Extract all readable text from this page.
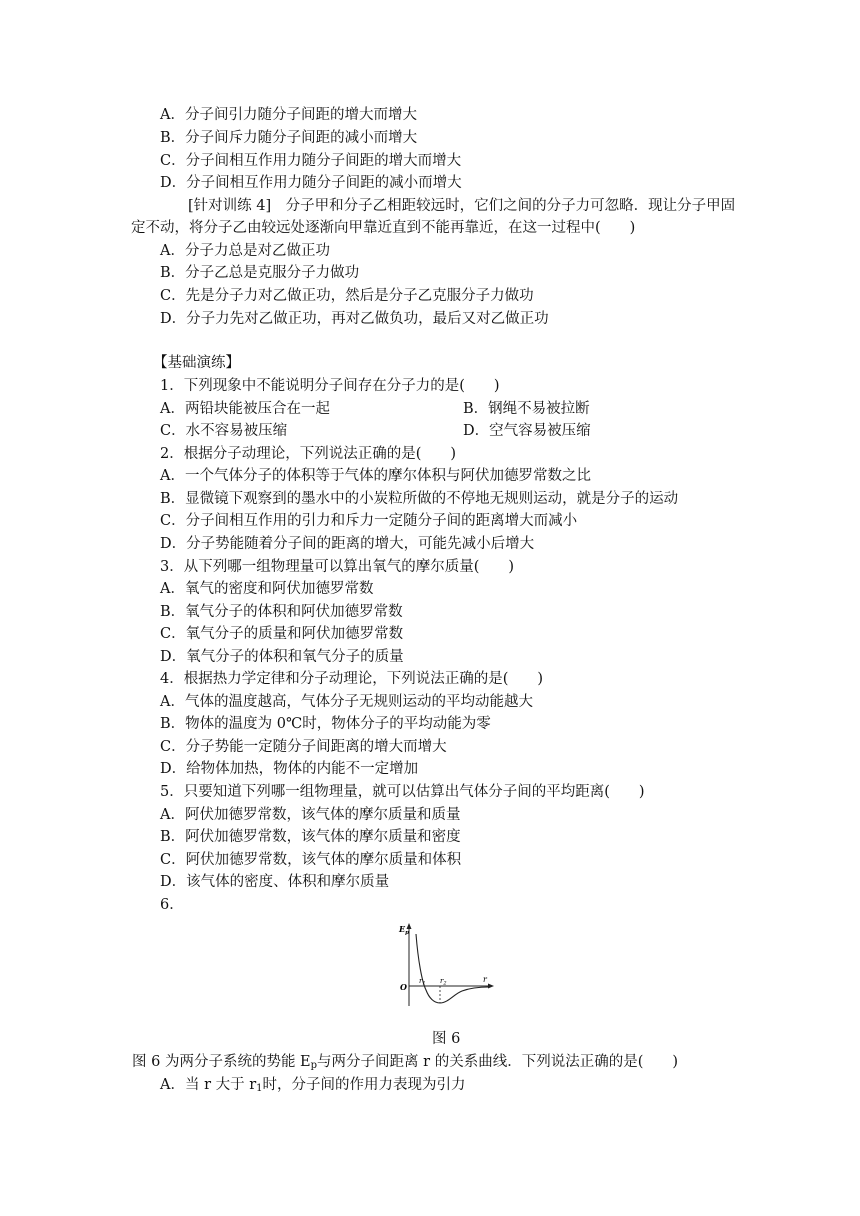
A．分子间引力随分子间距的增大而增大
B．分子间斥力随分子间距的减小而增大
C．分子间相互作用力随分子间距的增大而增大
D．分子间相互作用力随分子间距的减小而增大
[针对训练 4]　分子甲和分子乙相距较远时，它们之间的分子力可忽略．现让分子甲固
定不动，将分子乙由较远处逐渐向甲靠近直到不能再靠近，在这一过程中(　　)
A．分子力总是对乙做正功
B．分子乙总是克服分子力做功
C．先是分子力对乙做正功，然后是分子乙克服分子力做功
D．分子力先对乙做正功，再对乙做负功，最后又对乙做正功
【基础演练】
1．下列现象中不能说明分子间存在分子力的是(　　)
A．两铅块能被压合在一起	B．钢绳不易被拉断
C．水不容易被压缩	D．空气容易被压缩
2．根据分子动理论，下列说法正确的是(　　)
A．一个气体分子的体积等于气体的摩尔体积与阿伏加德罗常数之比
B．显微镜下观察到的墨水中的小炭粒所做的不停地无规则运动，就是分子的运动
C．分子间相互作用的引力和斥力一定随分子间的距离增大而减小
D．分子势能随着分子间的距离的增大，可能先减小后增大
3．从下列哪一组物理量可以算出氧气的摩尔质量(　　)
A．氧气的密度和阿伏加德罗常数
B．氧气分子的体积和阿伏加德罗常数
C．氧气分子的质量和阿伏加德罗常数
D．氧气分子的体积和氧气分子的质量
4．根据热力学定律和分子动理论，下列说法正确的是(　　)
A．气体的温度越高，气体分子无规则运动的平均动能越大
B．物体的温度为 0℃时，物体分子的平均动能为零
C．分子势能一定随分子间距离的增大而增大
D．给物体加热，物体的内能不一定增加
5．只要知道下列哪一组物理量，就可以估算出气体分子间的平均距离(　　)
A．阿伏加德罗常数，该气体的摩尔质量和质量
B．阿伏加德罗常数，该气体的摩尔质量和密度
C．阿伏加德罗常数，该气体的摩尔质量和体积
D．该气体的密度、体积和摩尔质量
6．
$E_p$
O
$r_1$ $r_2$	r
图 6
图 6 为两分子系统的势能 $E_p$与两分子间距离 r 的关系曲线．下列说法正确的是(　　)
A．当 r 大于 $r_1$时，分子间的作用力表现为引力
